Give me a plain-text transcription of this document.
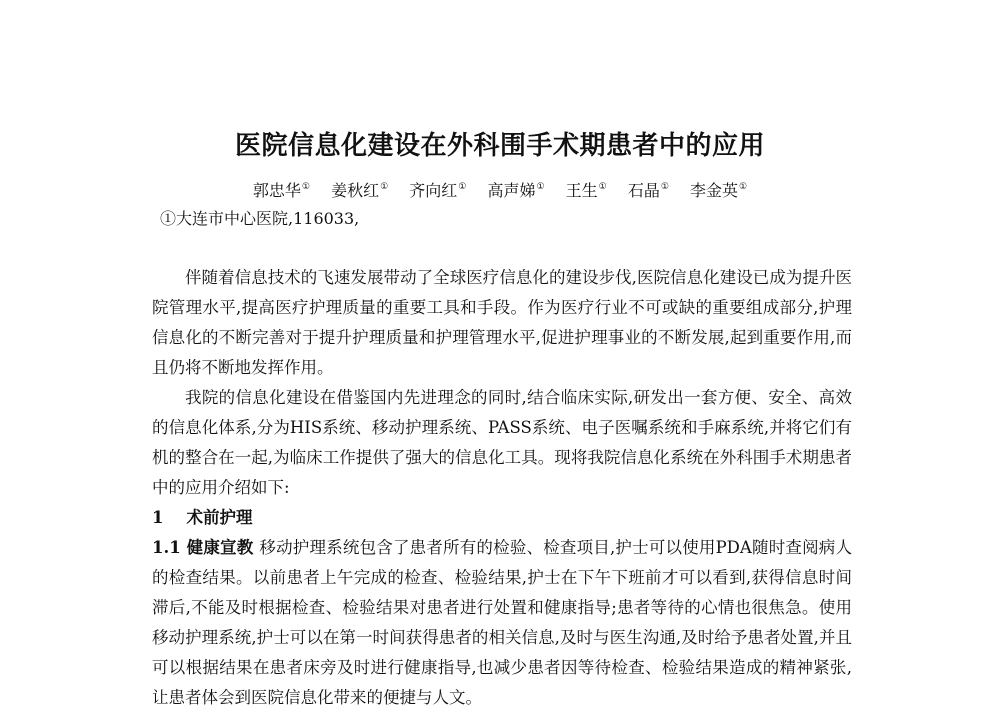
医院信息化建设在外科围手术期患者中的应用
郭忠华① 姜秋红① 齐向红① 高声娣① 王生① 石晶① 李金英①

①大连市中心医院,116033,

伴随着信息技术的飞速发展带动了全球医疗信息化的建设步伐,医院信息化建设已成为提升医院管理水平,提高医疗护理质量的重要工具和手段。作为医疗行业不可或缺的重要组成部分,护理信息化的不断完善对于提升护理质量和护理管理水平,促进护理事业的不断发展,起到重要作用,而且仍将不断地发挥作用。

我院的信息化建设在借鉴国内先进理念的同时,结合临床实际,研发出一套方便、安全、高效的信息化体系,分为HIS系统、移动护理系统、PASS系统、电子医嘱系统和手麻系统,并将它们有机的整合在一起,为临床工作提供了强大的信息化工具。现将我院信息化系统在外科围手术期患者中的应用介绍如下:

1    术前护理

1.1 健康宣教 移动护理系统包含了患者所有的检验、检查项目,护士可以使用PDA随时查阅病人的检查结果。以前患者上午完成的检查、检验结果,护士在下午下班前才可以看到,获得信息时间滞后,不能及时根据检查、检验结果对患者进行处置和健康指导;患者等待的心情也很焦急。使用移动护理系统,护士可以在第一时间获得患者的相关信息,及时与医生沟通,及时给予患者处置,并且可以根据结果在患者床旁及时进行健康指导,也减少患者因等待检查、检验结果造成的精神紧张,让患者体会到医院信息化带来的便捷与人文。
